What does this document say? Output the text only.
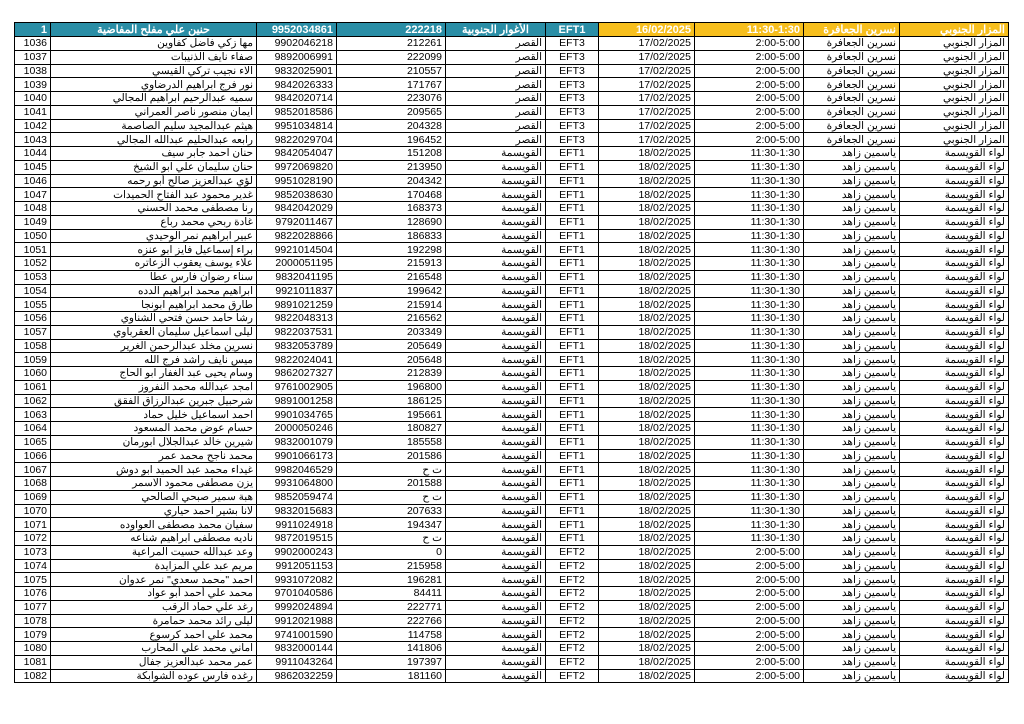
1	حنين علي مفلح المفاضية	9952034861	222218	الأغوار الجنوبية	EFT1	16/02/2025	11:30-1:30	نسرين الجعافرة	المزار الجنوبي
1036	مها زكي فاضل كفاوين	9902046218	212261	القصر	EFT3	17/02/2025	2:00-5:00	نسرين الجعافرة	المزار الجنوبي
1037	صفاء نايف الذنيبات	9892006991	222099	القصر	EFT3	17/02/2025	2:00-5:00	نسرين الجعافرة	المزار الجنوبي
1038	الاء نجيب تركي القيسي	9832025901	210557	القصر	EFT3	17/02/2025	2:00-5:00	نسرين الجعافرة	المزار الجنوبي
1039	نور فرج ابراهيم الدرضاوي	9842026333	171767	القصر	EFT3	17/02/2025	2:00-5:00	نسرين الجعافرة	المزار الجنوبي
1040	سميه عبدالرحيم ابراهيم المجالي	9842020714	223076	القصر	EFT3	17/02/2025	2:00-5:00	نسرين الجعافرة	المزار الجنوبي
1041	ايمان منصور ناصر العمراني	9852018586	209565	القصر	EFT3	17/02/2025	2:00-5:00	نسرين الجعافرة	المزار الجنوبي
1042	هيثم عبدالمجيد سليم الصاصمة	9951034814	204328	القصر	EFT3	17/02/2025	2:00-5:00	نسرين الجعافرة	المزار الجنوبي
1043	رابعه عبدالحليم عبدالله المجالي	9822029704	196452	القصر	EFT3	17/02/2025	2:00-5:00	نسرين الجعافرة	المزار الجنوبي
1044	حنان احمد جابر سيف	9842054047	151208	القويسمة	EFT1	18/02/2025	11:30-1:30	ياسمين زاهد	لواء القويسمة
1045	حنان سليمان علي ابو الشيخ	9972069820	213950	القويسمة	EFT1	18/02/2025	11:30-1:30	ياسمين زاهد	لواء القويسمة
1046	لؤي عبدالعزيز صالح أبو رحمه	9951028190	204342	القويسمة	EFT1	18/02/2025	11:30-1:30	ياسمين زاهد	لواء القويسمة
1047	غدير محمود عبد الفتاح الحميدات	9852038630	170468	القويسمة	EFT1	18/02/2025	11:30-1:30	ياسمين زاهد	لواء القويسمة
1048	رنا مصطفى محمد الحسني	9842042029	168373	القويسمة	EFT1	18/02/2025	11:30-1:30	ياسمين زاهد	لواء القويسمة
1049	غادة ربحي محمد رباع	9792011467	128690	القويسمة	EFT1	18/02/2025	11:30-1:30	ياسمين زاهد	لواء القويسمة
1050	عبير ابراهيم نمر الوحيدي	9822028866	186833	القويسمة	EFT1	18/02/2025	11:30-1:30	ياسمين زاهد	لواء القويسمة
1051	براء إسماعيل فايز ابو عنزه	9921014504	192298	القويسمة	EFT1	18/02/2025	11:30-1:30	ياسمين زاهد	لواء القويسمة
1052	علاء يوسف يعقوب الزعاتره	2000051195	215913	القويسمة	EFT1	18/02/2025	11:30-1:30	ياسمين زاهد	لواء القويسمة
1053	سناء رضوان فارس عطا	9832041195	216548	القويسمة	EFT1	18/02/2025	11:30-1:30	ياسمين زاهد	لواء القويسمة
1054	ابراهيم محمد ابراهيم الدده	9921011837	199642	القويسمة	EFT1	18/02/2025	11:30-1:30	ياسمين زاهد	لواء القويسمة
1055	طارق محمد ابراهيم ابونجا	9891021259	215914	القويسمة	EFT1	18/02/2025	11:30-1:30	ياسمين زاهد	لواء القويسمة
1056	رشا حامد حسن فتحي الشناوي	9822048313	216562	القويسمة	EFT1	18/02/2025	11:30-1:30	ياسمين زاهد	لواء القويسمة
1057	ليلى اسماعيل سليمان العقرباوي	9822037531	203349	القويسمة	EFT1	18/02/2025	11:30-1:30	ياسمين زاهد	لواء القويسمة
1058	نسرين مخلد عبدالرحمن الغرير	9832053789	205649	القويسمة	EFT1	18/02/2025	11:30-1:30	ياسمين زاهد	لواء القويسمة
1059	ميس نايف راشد فرج الله	9822024041	205648	القويسمة	EFT1	18/02/2025	11:30-1:30	ياسمين زاهد	لواء القويسمة
1060	وسام يحيى عبد الغفار ابو الحاج	9862027327	212839	القويسمة	EFT1	18/02/2025	11:30-1:30	ياسمين زاهد	لواء القويسمة
1061	امجد عبدالله محمد النفروز	9761002905	196800	القويسمة	EFT1	18/02/2025	11:30-1:30	ياسمين زاهد	لواء القويسمة
1062	شرحبيل جبرين عبدالرزاق الفقق	9891001258	186125	القويسمة	EFT1	18/02/2025	11:30-1:30	ياسمين زاهد	لواء القويسمة
1063	احمد اسماعيل خليل حماد	9901034765	195661	القويسمة	EFT1	18/02/2025	11:30-1:30	ياسمين زاهد	لواء القويسمة
1064	حسام عوض محمد المسعود	2000050246	180827	القويسمة	EFT1	18/02/2025	11:30-1:30	ياسمين زاهد	لواء القويسمة
1065	شيرين خالد عبدالجلال ابورمان	9832001079	185558	القويسمة	EFT1	18/02/2025	11:30-1:30	ياسمين زاهد	لواء القويسمة
1066	محمد ناجح محمد عمر	9901066173	201586	القويسمة	EFT1	18/02/2025	11:30-1:30	ياسمين زاهد	لواء القويسمة
1067	غيداء محمد عبد الحميد ابو دوش	9982046529	ت ح	القويسمة	EFT1	18/02/2025	11:30-1:30	ياسمين زاهد	لواء القويسمة
1068	يزن مصطفى محمود الاسمر	9931064800	201588	القويسمة	EFT1	18/02/2025	11:30-1:30	ياسمين زاهد	لواء القويسمة
1069	هبة سمير صبحي الصالحي	9852059474	ت ح	القويسمة	EFT1	18/02/2025	11:30-1:30	ياسمين زاهد	لواء القويسمة
1070	لانا بشير احمد حياري	9832015683	207633	القويسمة	EFT1	18/02/2025	11:30-1:30	ياسمين زاهد	لواء القويسمة
1071	سفيان محمد مصطفى العواوده	9911024918	194347	القويسمة	EFT1	18/02/2025	11:30-1:30	ياسمين زاهد	لواء القويسمة
1072	ناديه مصطفى ابراهيم شناعه	9872019515	ت ح	القويسمة	EFT1	18/02/2025	11:30-1:30	ياسمين زاهد	لواء القويسمة
1073	وعد عبدالله حسيت المراعية	9902000243	0	القويسمة	EFT2	18/02/2025	2:00-5:00	ياسمين زاهد	لواء القويسمة
1074	مريم عبد علي المزايدة	9912051153	215958	القويسمة	EFT2	18/02/2025	2:00-5:00	ياسمين زاهد	لواء القويسمة
1075	احمد "محمد سعدي" نمر عدوان	9931072082	196281	القويسمة	EFT2	18/02/2025	2:00-5:00	ياسمين زاهد	لواء القويسمة
1076	محمد علي أحمد أبو عواد	9701040586	84411	القويسمة	EFT2	18/02/2025	2:00-5:00	ياسمين زاهد	لواء القويسمة
1077	رغد علي حماد الرقب	9992024894	222771	القويسمة	EFT2	18/02/2025	2:00-5:00	ياسمين زاهد	لواء القويسمة
1078	ليلى رائد محمد حمامرة	9912021988	222766	القويسمة	EFT2	18/02/2025	2:00-5:00	ياسمين زاهد	لواء القويسمة
1079	محمد علي احمد كرسوع	9741001590	114758	القويسمة	EFT2	18/02/2025	2:00-5:00	ياسمين زاهد	لواء القويسمة
1080	اماني محمد علي المحارب	9832000144	141806	القويسمة	EFT2	18/02/2025	2:00-5:00	ياسمين زاهد	لواء القويسمة
1081	عمر محمد عبدالعزيز جفال	9911043264	197397	القويسمة	EFT2	18/02/2025	2:00-5:00	ياسمين زاهد	لواء القويسمة
1082	رغده فارس عوده الشوابكة	9862032259	181160	القويسمة	EFT2	18/02/2025	2:00-5:00	ياسمين زاهد	لواء القويسمة
